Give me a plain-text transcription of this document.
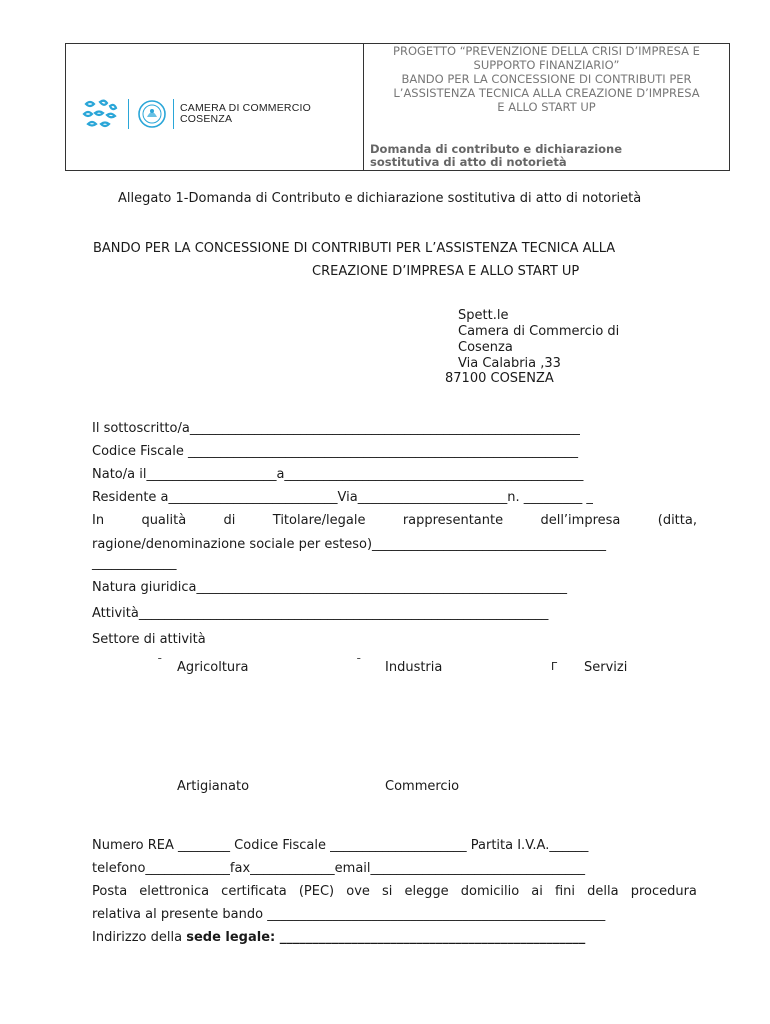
CAMERA DI COMMERCIO
COSENZA
PROGETTO “PREVENZIONE DELLA CRISI D’IMPRESA E
SUPPORTO FINANZIARIO”
BANDO PER LA CONCESSIONE DI CONTRIBUTI PER
L’ASSISTENZA TECNICA ALLA CREAZIONE D’IMPRESA
E ALLO START UP
Domanda di contributo e dichiarazione
sostitutiva di atto di notorietà
Allegato 1-Domanda di Contributo e dichiarazione sostitutiva di atto di notorietà
BANDO PER LA CONCESSIONE DI CONTRIBUTI PER L’ASSISTENZA TECNICA ALLA
CREAZIONE D’IMPRESA E ALLO START UP
Spett.le
Camera di Commercio di
Cosenza
Via Calabria ,33
87100 COSENZA
Il sottoscritto/a____________________________________________________________
Codice Fiscale ____________________________________________________________
Nato/a il____________________a______________________________________________
Residente a__________________________Via_______________________n. _________ _
In	qualità	di	Titolare/legale	rappresentante	dell’impresa	(ditta,
ragione/denominazione sociale per esteso)____________________________________
_____________
Natura giuridica_________________________________________________________
Attività_______________________________________________________________
Settore di attività
¯ Agricoltura	¯ Industria	Γ Servizi
Artigianato	Commercio
Numero REA ________ Codice Fiscale _____________________ Partita I.V.A.______
telefono_____________fax_____________email_________________________________
Posta elettronica certificata (PEC) ove si elegge domicilio ai fini della procedura
relativa al presente bando ____________________________________________________
Indirizzo della sede legale: _______________________________________________
